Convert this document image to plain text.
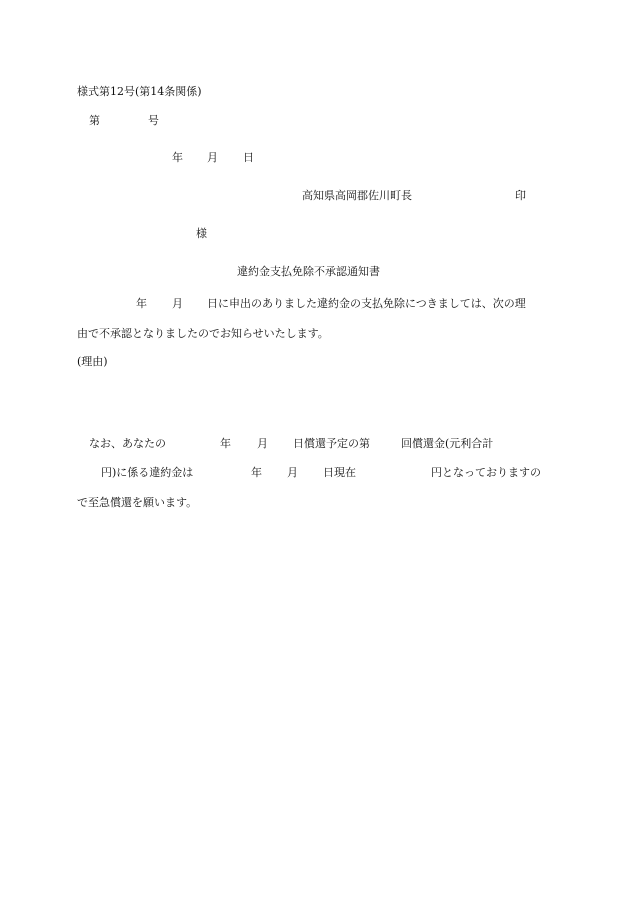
様式第12号(第14条関係)
第	号
年 月 日
高知県高岡郡佐川町長	印
様
違約金支払免除不承認通知書
年 月 日に申出のありました違約金の支払免除につきましては、次の理
由で不承認となりましたのでお知らせいたします。
(理由)
なお、あなたの	年 月 日償還予定の第	回償還金(元利合計
円)に係る違約金は	年 月 日現在	円となっておりますの
で至急償還を願います。
